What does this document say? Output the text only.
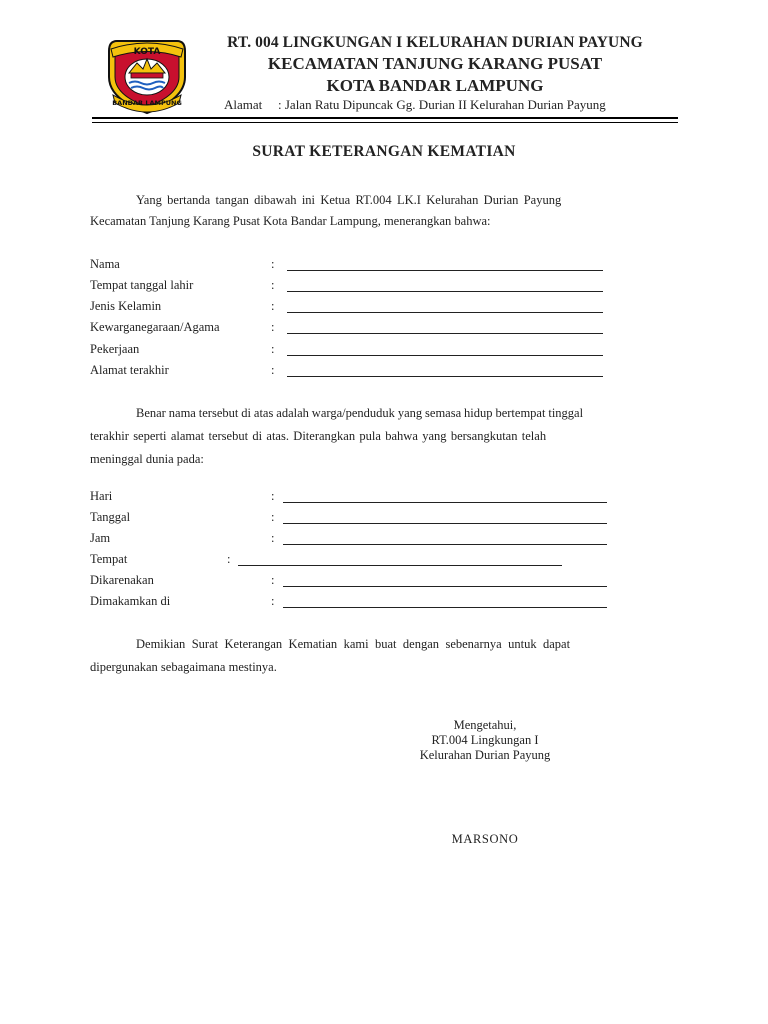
KOTA
BANDAR LAMPUNG
RT. 004 LINGKUNGAN I KELURAHAN DURIAN PAYUNG
KECAMATAN TANJUNG KARANG PUSAT
KOTA BANDAR LAMPUNG
Alamat : Jalan Ratu Dipuncak Gg. Durian II Kelurahan Durian Payung
SURAT KETERANGAN KEMATIAN
Yang bertanda tangan dibawah ini Ketua RT.004 LK.I Kelurahan Durian Payung
Kecamatan Tanjung Karang Pusat Kota Bandar Lampung, menerangkan bahwa:
Nama	:
Tempat tanggal lahir	:
Jenis Kelamin	:
Kewarganegaraan/Agama	:
Pekerjaan	:
Alamat terakhir	:
Benar nama tersebut di atas adalah warga/penduduk yang semasa hidup bertempat tinggal
terakhir seperti alamat tersebut di atas. Diterangkan pula bahwa yang bersangkutan telah
meninggal dunia pada:
Hari	:
Tanggal	:
Jam	:
Tempat	:
Dikarenakan	:
Dimakamkan di	:
Demikian Surat Keterangan Kematian kami buat dengan sebenarnya untuk dapat
dipergunakan sebagaimana mestinya.
Mengetahui,
RT.004 Lingkungan I
Kelurahan Durian Payung
MARSONO
